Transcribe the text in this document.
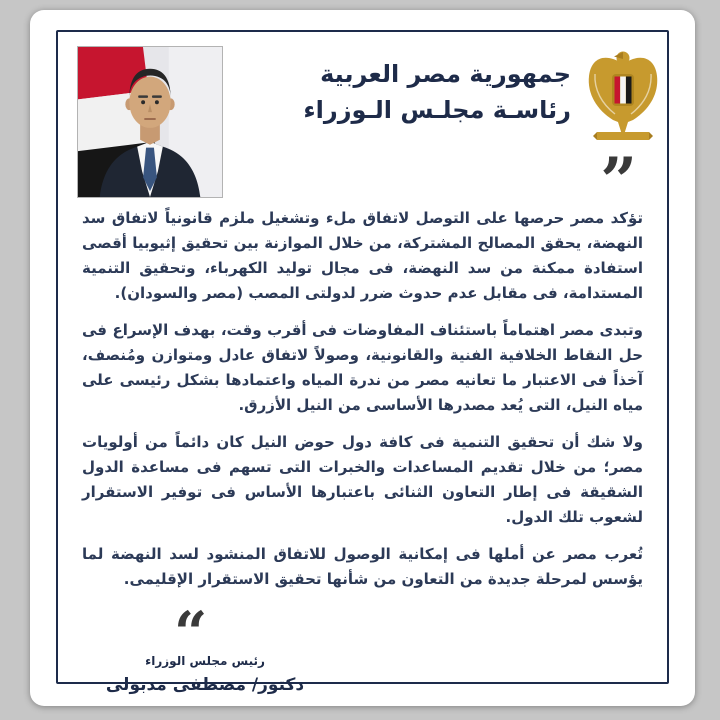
جمهورية مصر العربية
رئاسـة مجلـس الـوزراء
”

تؤكد مصر حرصها على التوصل لاتفاق ملء وتشغيل ملزم قانونياً لاتفاق سد النهضة، يحقق المصالح المشتركة، من خلال الموازنة بين تحقيق إثيوبيا أقصى استفادة ممكنة من سد النهضة، فى مجال توليد الكهرباء، وتحقيق التنمية المستدامة، فى مقابل عدم حدوث ضرر لدولتى المصب (مصر والسودان).

وتبدى مصر اهتماماً باستئناف المفاوضات فى أقرب وقت، بهدف الإسراع فى حل النقاط الخلافية الفنية والقانونية، وصولاً لاتفاق عادل ومتوازن ومُنصف، آخذاً فى الاعتبار ما تعانيه مصر من ندرة المياه واعتمادها بشكل رئيسى على مياه النيل، التى يُعد مصدرها الأساسى من النيل الأزرق.

ولا شك أن تحقيق التنمية فى كافة دول حوض النيل كان دائماً من أولويات مصر؛ من خلال تقديم المساعدات والخبرات التى تسهم فى مساعدة الدول الشقيقة فى إطار التعاون الثنائى باعتبارها الأساس فى توفير الاستقرار لشعوب تلك الدول.

تُعرب مصر عن أملها فى إمكانية الوصول للاتفاق المنشود لسد النهضة لما يؤسس لمرحلة جديدة من التعاون من شأنها تحقيق الاستقرار الإقليمى.

“
رئيس مجلس الوزراء
دكتور/ مصطفى مدبولى
